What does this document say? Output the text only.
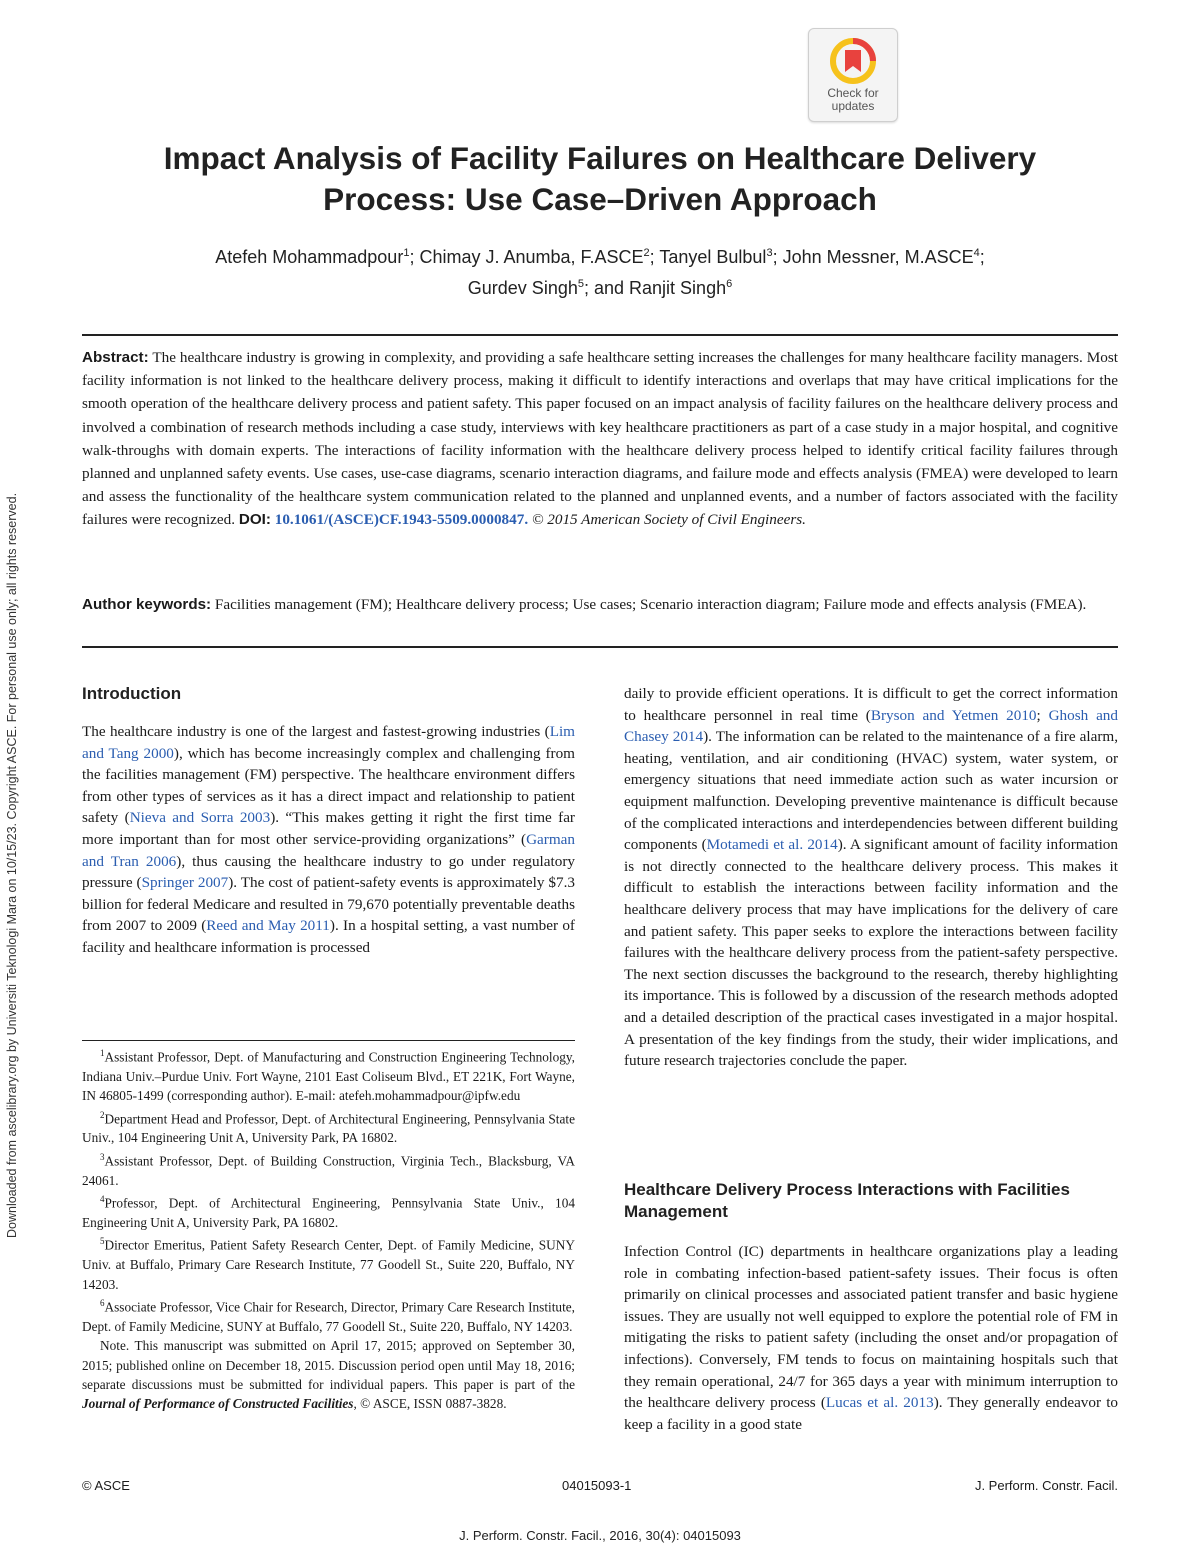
Check for
updates
Downloaded from ascelibrary.org by Universiti Teknologi Mara on 10/15/23. Copyright ASCE. For personal use only; all rights reserved.
Impact Analysis of Facility Failures on Healthcare Delivery
Process: Use Case–Driven Approach
Atefeh Mohammadpour$^1$; Chimay J. Anumba, F.ASCE$^2$; Tanyel Bulbul$^3$; John Messner, M.ASCE$^4$;
Gurdev Singh$^5$; and Ranjit Singh$^6$
Abstract: The healthcare industry is growing in complexity, and providing a safe healthcare setting increases the challenges for many healthcare facility managers. Most facility information is not linked to the healthcare delivery process, making it difficult to identify interactions and overlaps that may have critical implications for the smooth operation of the healthcare delivery process and patient safety. This paper focused on an impact analysis of facility failures on the healthcare delivery process and involved a combination of research methods including a case study, interviews with key healthcare practitioners as part of a case study in a major hospital, and cognitive walk-throughs with domain experts. The interactions of facility information with the healthcare delivery process helped to identify critical facility failures through planned and unplanned safety events. Use cases, use-case diagrams, scenario interaction diagrams, and failure mode and effects analysis (FMEA) were developed to learn and assess the functionality of the healthcare system communication related to the planned and unplanned events, and a number of factors associated with the facility failures were recognized. DOI: 10.1061/(ASCE)CF.1943-5509.0000847. © 2015 American Society of Civil Engineers.
Author keywords: Facilities management (FM); Healthcare delivery process; Use cases; Scenario interaction diagram; Failure mode and effects analysis (FMEA).
Introduction
The healthcare industry is one of the largest and fastest-growing industries (Lim and Tang 2000), which has become increasingly complex and challenging from the facilities management (FM) perspective. The healthcare environment differs from other types of services as it has a direct impact and relationship to patient safety (Nieva and Sorra 2003). “This makes getting it right the first time far more important than for most other service-providing organizations” (Garman and Tran 2006), thus causing the healthcare industry to go under regulatory pressure (Springer 2007). The cost of patient-safety events is approximately $7.3 billion for federal Medicare and resulted in 79,670 potentially preventable deaths from 2007 to 2009 (Reed and May 2011). In a hospital setting, a vast number of facility and healthcare information is processed

$^1$Assistant Professor, Dept. of Manufacturing and Construction Engineering Technology, Indiana Univ.–Purdue Univ. Fort Wayne, 2101 East Coliseum Blvd., ET 221K, Fort Wayne, IN 46805-1499 (corresponding author). E-mail: atefeh.mohammadpour@ipfw.edu

$^2$Department Head and Professor, Dept. of Architectural Engineering, Pennsylvania State Univ., 104 Engineering Unit A, University Park, PA 16802.

$^3$Assistant Professor, Dept. of Building Construction, Virginia Tech., Blacksburg, VA 24061.

$^4$Professor, Dept. of Architectural Engineering, Pennsylvania State Univ., 104 Engineering Unit A, University Park, PA 16802.

$^5$Director Emeritus, Patient Safety Research Center, Dept. of Family Medicine, SUNY Univ. at Buffalo, Primary Care Research Institute, 77 Goodell St., Suite 220, Buffalo, NY 14203.

$^6$Associate Professor, Vice Chair for Research, Director, Primary Care Research Institute, Dept. of Family Medicine, SUNY at Buffalo, 77 Goodell St., Suite 220, Buffalo, NY 14203.

Note. This manuscript was submitted on April 17, 2015; approved on September 30, 2015; published online on December 18, 2015. Discussion period open until May 18, 2016; separate discussions must be submitted for individual papers. This paper is part of the Journal of Performance of Constructed Facilities, © ASCE, ISSN 0887-3828.

daily to provide efficient operations. It is difficult to get the correct information to healthcare personnel in real time (Bryson and Yetmen 2010; Ghosh and Chasey 2014). The information can be related to the maintenance of a fire alarm, heating, ventilation, and air conditioning (HVAC) system, water system, or emergency situations that need immediate action such as water incursion or equipment malfunction. Developing preventive maintenance is difficult because of the complicated interactions and interdependencies between different building components (Motamedi et al. 2014). A significant amount of facility information is not directly connected to the healthcare delivery process. This makes it difficult to establish the interactions between facility information and the healthcare delivery process that may have implications for the delivery of care and patient safety. This paper seeks to explore the interactions between facility failures with the healthcare delivery process from the patient-safety perspective. The next section discusses the background to the research, thereby highlighting its importance. This is followed by a discussion of the research methods adopted and a detailed description of the practical cases investigated in a major hospital. A presentation of the key findings from the study, their wider implications, and future research trajectories conclude the paper.
Healthcare Delivery Process Interactions with Facilities Management
Infection Control (IC) departments in healthcare organizations play a leading role in combating infection-based patient-safety issues. Their focus is often primarily on clinical processes and associated patient transfer and basic hygiene issues. They are usually not well equipped to explore the potential role of FM in mitigating the risks to patient safety (including the onset and/or propagation of infections). Conversely, FM tends to focus on maintaining hospitals such that they remain operational, 24/7 for 365 days a year with minimum interruption to the healthcare delivery process (Lucas et al. 2013). They generally endeavor to keep a facility in a good state
© ASCE	04015093-1	J. Perform. Constr. Facil.
J. Perform. Constr. Facil., 2016, 30(4): 04015093
